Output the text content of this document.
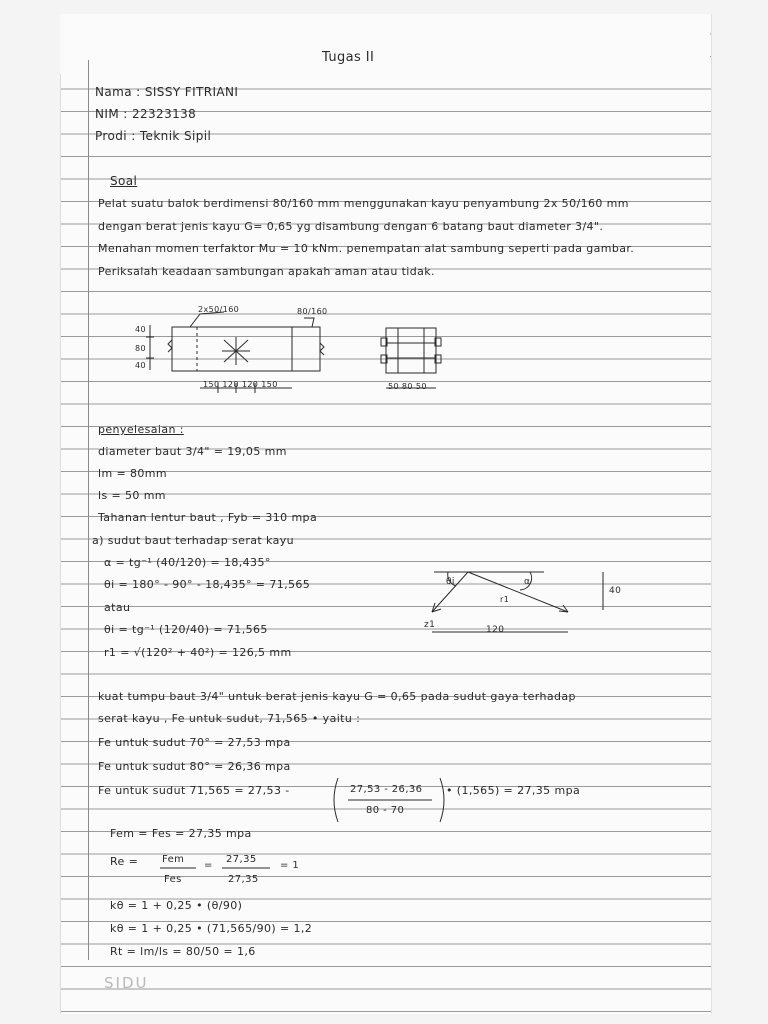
Tugas II

Nama : SISSY FITRIANI

NIM : 22323138

Prodi : Teknik Sipil

Soal

Pelat suatu balok berdimensi 80/160 mm menggunakan kayu penyambung 2x 50/160 mm

dengan berat jenis kayu G= 0,65 yg disambung dengan 6 batang baut diameter 3/4".

Menahan momen terfaktor Mu = 10 kNm. penempatan alat sambung seperti pada gambar.

Periksalah keadaan sambungan apakah aman atau tidak.

2x50/160	80/160

40

80

40

150 120 120 150	50 80 50

penyelesaian :

diameter baut 3/4" = 19,05 mm

lm = 80mm

ls = 50 mm

Tahanan lentur baut , Fyb = 310 mpa

a) sudut baut terhadap serat kayu

α = tg⁻¹ (40/120) = 18,435°

θi = 180° - 90° - 18,435° = 71,565

atau

θi = tg⁻¹ (120/40) = 71,565

r1 = √(120² + 40²) = 126,5 mm

θi	α

r1

z1	120

40

kuat tumpu baut 3/4" untuk berat jenis kayu G = 0,65 pada sudut gaya terhadap

serat kayu , Fe untuk sudut, 71,565 • yaitu :

Fe untuk sudut 70° = 27,53 mpa

Fe untuk sudut 80° = 26,36 mpa

Fe untuk sudut 71,565 = 27,53 -	27,53 - 26,36

80 - 70

• (1,565) = 27,35 mpa

Fem = Fes = 27,35 mpa

Re = Fem

Fes

=

27,35

27,35

= 1

kθ = 1 + 0,25 • (θ/90)

kθ = 1 + 0,25 • (71,565/90) = 1,2

Rt = lm/ls = 80/50 = 1,6

SIDU
